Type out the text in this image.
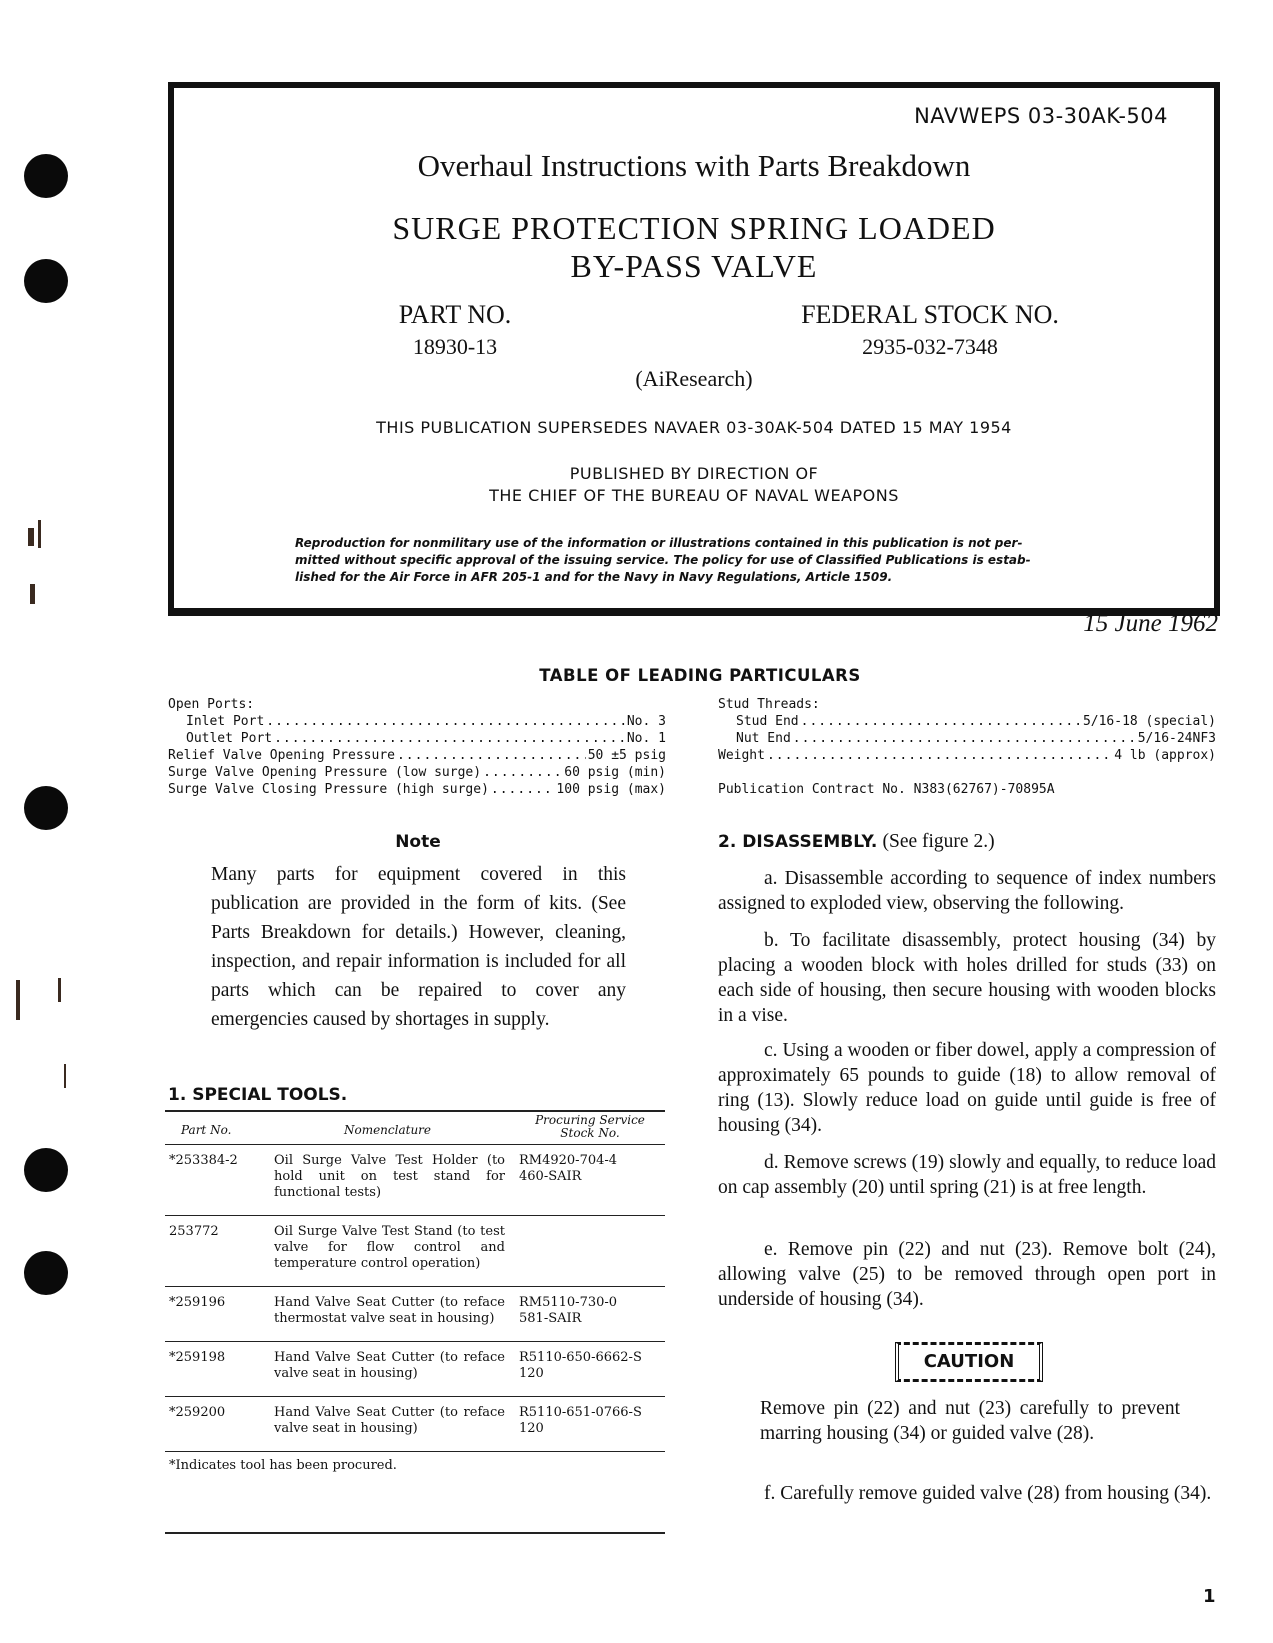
NAVWEPS 03-30AK-504
Overhaul Instructions with Parts Breakdown
SURGE PROTECTION SPRING LOADED
BY-PASS VALVE
PART NO.
18930-13
FEDERAL STOCK NO.
2935-032-7348
(AiResearch)
THIS PUBLICATION SUPERSEDES NAVAER 03-30AK-504 DATED 15 MAY 1954
PUBLISHED BY DIRECTION OF
THE CHIEF OF THE BUREAU OF NAVAL WEAPONS
Reproduction for nonmilitary use of the information or illustrations contained in this publication is not per-
mitted without specific approval of the issuing service. The policy for use of Classified Publications is estab-
lished for the Air Force in AFR 205-1 and for the Navy in Navy Regulations, Article 1509.
15 June 1962
TABLE OF LEADING PARTICULARS
Open Ports:
Inlet Port .....	No. 3
Outlet Port .....	No. 1
Relief Valve Opening Pressure .....	50 ±5 psig
Surge Valve Opening Pressure (low surge) .....	60 psig (min)
Surge Valve Closing Pressure (high surge) .....	100 psig (max)
Stud Threads:
Stud End .....	5/16-18 (special)
Nut End .....	5/16-24NF3
Weight .....	4 lb (approx)
Publication Contract No. N383(62767)-70895A
Note
Many parts for equipment covered in this publication are provided in the form of kits. (See Parts Breakdown for details.) However, cleaning, inspection, and repair information is included for all parts which can be repaired to cover any emergencies caused by shortages in supply.
1. SPECIAL TOOLS.
Part No.	Nomenclature	Procuring Service
Stock No.

*253384-2	Oil Surge Valve Test Holder (to hold unit on test stand for functional tests)	RM4920-704-4460-SAIR
253772	Oil Surge Valve Test Stand (to test valve for flow control and temperature control operation)	
*259196	Hand Valve Seat Cutter (to reface thermostat valve seat in housing)	RM5110-730-0581-SAIR
*259198	Hand Valve Seat Cutter (to reface valve seat in housing)	R5110-650-6662-S120
*259200	Hand Valve Seat Cutter (to reface valve seat in housing)	R5110-651-0766-S120
*Indicates tool has been procured.		
2. DISASSEMBLY. (See figure 2.)
a. Disassemble according to sequence of index numbers assigned to exploded view, observing the following.
b. To facilitate disassembly, protect housing (34) by placing a wooden block with holes drilled for studs (33) on each side of housing, then secure housing with wooden blocks in a vise.
c. Using a wooden or fiber dowel, apply a compression of approximately 65 pounds to guide (18) to allow removal of ring (13). Slowly reduce load on guide until guide is free of housing (34).
d. Remove screws (19) slowly and equally, to reduce load on cap assembly (20) until spring (21) is at free length.
e. Remove pin (22) and nut (23). Remove bolt (24), allowing valve (25) to be removed through open port in underside of housing (34).
CAUTION
Remove pin (22) and nut (23) carefully to prevent marring housing (34) or guided valve (28).
f. Carefully remove guided valve (28) from housing (34).
1
